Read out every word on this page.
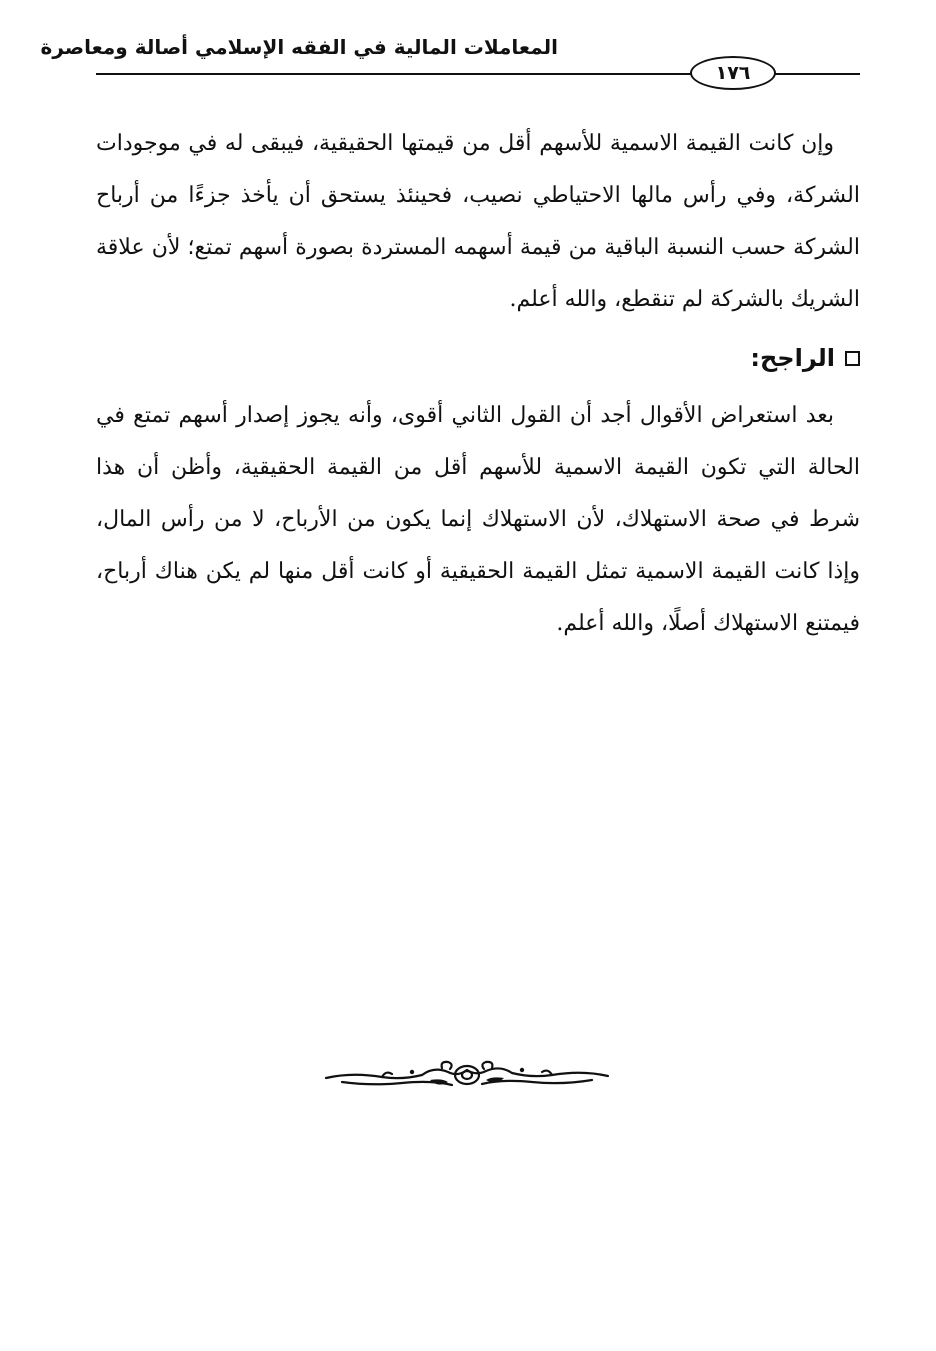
المعاملات المالية في الفقه الإسلامي أصالة ومعاصرة
١٧٦

وإن كانت القيمة الاسمية للأسهم أقل من قيمتها الحقيقية، فيبقى له في موجودات الشركة، وفي رأس مالها الاحتياطي نصيب، فحينئذ يستحق أن يأخذ جزءًا من أرباح الشركة حسب النسبة الباقية من قيمة أسهمه المستردة بصورة أسهم تمتع؛ لأن علاقة الشريك بالشركة لم تنقطع، والله أعلم.

الراجح:

بعد استعراض الأقوال أجد أن القول الثاني أقوى، وأنه يجوز إصدار أسهم تمتع في الحالة التي تكون القيمة الاسمية للأسهم أقل من القيمة الحقيقية، وأظن أن هذا شرط في صحة الاستهلاك، لأن الاستهلاك إنما يكون من الأرباح، لا من رأس المال، وإذا كانت القيمة الاسمية تمثل القيمة الحقيقية أو كانت أقل منها لم يكن هناك أرباح، فيمتنع الاستهلاك أصلًا، والله أعلم.
